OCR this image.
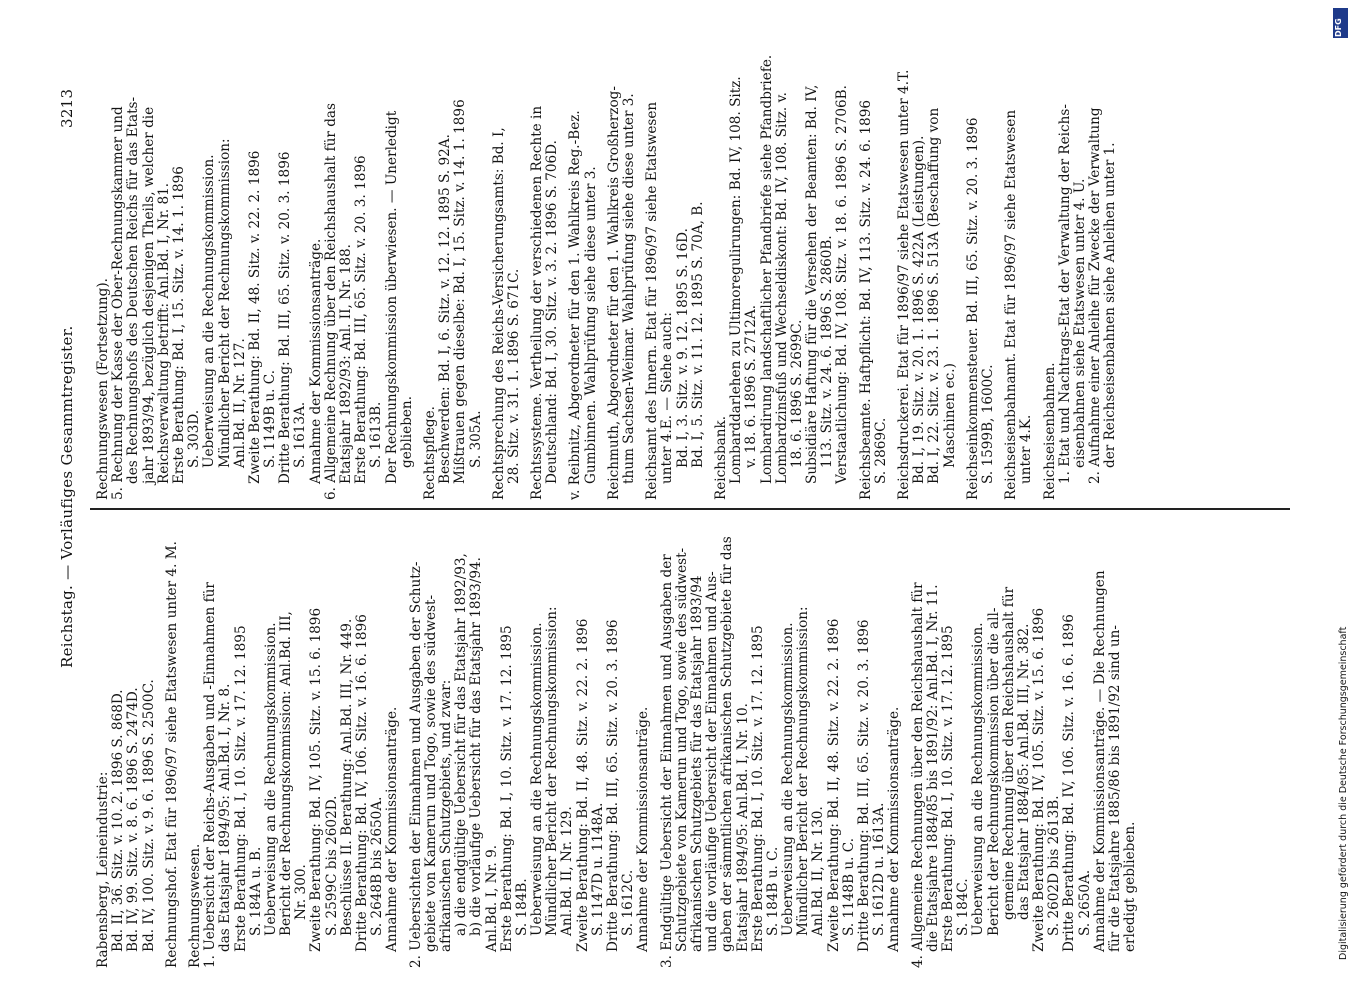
Reichstag. — Vorläufiges Gesammtregister.
3213
Rabensberg, Leineindustrie: Bd. II, 36. Sitz. v. 10. 2. 1896 S. 868D. Bd. IV, 99. Sitz. v. 8. 6. 1896 S. 2474D. Bd. IV, 100. Sitz. v. 9. 6. 1896 S. 2500C. Rechnungshof. Etat für 1896/97 siehe Etatswesen unter 4. M. Rechnungswesen. 1. Uebersicht der Reichs-Ausgaben und -Einnahmen für das Etatsjahr 1894/95: Anl.Bd. I, Nr. 8. Erste Berathung: Bd. I, 10. Sitz. v. 17. 12. 1895 S. 184A u. B. Ueberweisung an die Rechnungskommission. Bericht der Rechnungskommission: Anl.Bd. III, Nr. 300. Zweite Berathung: Bd. IV, 105. Sitz. v. 15. 6. 1896 S. 2599C bis 2602D. Beschlüsse II. Berathung: Anl.Bd. III, Nr. 449. Dritte Berathung: Bd. IV, 106. Sitz. v. 16. 6. 1896 S. 2648B bis 2650A. Annahme der Kommissionsanträge. 2. Uebersichten der Einnahmen und Ausgaben der Schutz- gebiete von Kamerun und Togo, sowie des südwest- afrikanischen Schutzgebiets, und zwar: a) die endgültige Uebersicht für das Etatsjahr 1892/93, b) die vorläufige Uebersicht für das Etatsjahr 1893/94. Anl.Bd. I, Nr. 9. Erste Berathung: Bd. I, 10. Sitz. v. 17. 12. 1895 S. 184B. Ueberweisung an die Rechnungskommission. Mündlicher Bericht der Rechnungskommission: Anl.Bd. II, Nr. 129. Zweite Berathung: Bd. II, 48. Sitz. v. 22. 2. 1896 S. 1147D u. 1148A. Dritte Berathung: Bd. III, 65. Sitz. v. 20. 3. 1896 S. 1612C. Annahme der Kommissionsanträge. 3. Endgültige Uebersicht der Einnahmen und Ausgaben der Schutzgebiete von Kamerun und Togo, sowie des südwest- afrikanischen Schutzgebiets für das Etatsjahr 1893/94 und die vorläufige Uebersicht der Einnahmen und Aus- gaben der sämmtlichen afrikanischen Schutzgebiete für das Etatsjahr 1894/95: Anl.Bd. I, Nr. 10. Erste Berathung: Bd. I, 10. Sitz. v. 17. 12. 1895 S. 184B u. C. Ueberweisung an die Rechnungskommission. Mündlicher Bericht der Rechnungskommission: Anl.Bd. II, Nr. 130. Zweite Berathung: Bd. II, 48. Sitz. v. 22. 2. 1896 S. 1148B u. C. Dritte Berathung: Bd. III, 65. Sitz. v. 20. 3. 1896 S. 1612D u. 1613A. Annahme der Kommissionsanträge. 4. Allgemeine Rechnungen über den Reichshaushalt für die Etatsjahre 1884/85 bis 1891/92: Anl.Bd. I, Nr. 11. Erste Berathung: Bd. I, 10. Sitz. v. 17. 12. 1895 S. 184C. Ueberweisung an die Rechnungskommission. Bericht der Rechnungskommission über die all- gemeine Rechnung über den Reichshaushalt für das Etatsjahr 1884/85: Anl.Bd. III, Nr. 382. Zweite Berathung: Bd. IV, 105. Sitz. v. 15. 6. 1896 S. 2602D bis 2613B. Dritte Berathung: Bd. IV, 106. Sitz. v. 16. 6. 1896 S. 2650A. Annahme der Kommissionsanträge. — Die Rechnungen für die Etatsjahre 1885/86 bis 1891/92 sind un- erledigt geblieben.
Rechnungswesen (Fortsetzung). 5. Rechnung der Kasse der Ober-Rechnungskammer und des Rechnungshofs des Deutschen Reichs für das Etats- jahr 1893/94, bezüglich desjenigen Theils, welcher die Reichsverwaltung betrifft: Anl.Bd. I, Nr. 81. Erste Berathung: Bd. I, 15. Sitz. v. 14. 1. 1896 S. 303D. Ueberweisung an die Rechnungskommission. Mündlicher Bericht der Rechnungskommission: Anl.Bd. II, Nr. 127. Zweite Berathung: Bd. II, 48. Sitz. v. 22. 2. 1896 S. 1149B u. C. Dritte Berathung: Bd. III, 65. Sitz. v. 20. 3. 1896 S. 1613A. Annahme der Kommissionsanträge. 6. Allgemeine Rechnung über den Reichshaushalt für das Etatsjahr 1892/93: Anl. II, Nr. 188. Erste Berathung: Bd. III, 65. Sitz. v. 20. 3. 1896 S. 1613B. Der Rechnungskommission überwiesen. — Unerledigt geblieben. Rechtspflege. Beschwerden: Bd. I, 6. Sitz. v. 12. 12. 1895 S. 92A. Mißtrauen gegen dieselbe: Bd. I, 15. Sitz. v. 14. 1. 1896 S. 305A. Rechtsprechung des Reichs-Versicherungsamts: Bd. I, 28. Sitz. v. 31. 1. 1896 S. 671C. Rechtssysteme. Vertheilung der verschiedenen Rechte in Deutschland: Bd. I, 30. Sitz. v. 3. 2. 1896 S. 706D. v. Reibnitz, Abgeordneter für den 1. Wahlkreis Reg.-Bez. Gumbinnen. Wahlprüfung siehe diese unter 3. Reichmuth, Abgeordneter für den 1. Wahlkreis Großherzog- thum Sachsen-Weimar. Wahlprüfung siehe diese unter 3. Reichsamt des Innern. Etat für 1896/97 siehe Etatswesen unter 4.E. — Siehe auch: Bd. I, 3. Sitz. v. 9. 12. 1895 S. 16D. Bd. I, 5. Sitz. v. 11. 12. 1895 S. 70A, B. Reichsbank. Lombarddarlehen zu Ultimoregulirungen: Bd. IV, 108. Sitz. v. 18. 6. 1896 S. 2712A. Lombardirung landschaftlicher Pfandbriefe siehe Pfandbriefe. Lombardzinsfuß und Wechseldiskont: Bd. IV, 108. Sitz. v. 18. 6. 1896 S. 2699C. Subsidiäre Haftung für die Versehen der Beamten: Bd. IV, 113. Sitz. v. 24. 6. 1896 S. 2860B. Verstaatlichung: Bd. IV, 108. Sitz. v. 18. 6. 1896 S. 2706B. Reichsbeamte. Haftpflicht: Bd. IV, 113. Sitz. v. 24. 6. 1896 S. 2869C. Reichsdruckerei. Etat für 1896/97 siehe Etatswesen unter 4.T. Bd. I, 19. Sitz. v. 20. 1. 1896 S. 422A (Leistungen). Bd. I, 22. Sitz. v. 23. 1. 1896 S. 513A (Beschaffung von Maschinen ec.) Reichseinkommensteuer. Bd. III, 65. Sitz. v. 20. 3. 1896 S. 1599B, 1600C. Reichseisenbahnamt. Etat für 1896/97 siehe Etatswesen unter 4.K. Reichseisenbahnen. 1. Etat und Nachtrags-Etat der Verwaltung der Reichs- eisenbahnen siehe Etatswesen unter 4. U. 2. Aufnahme einer Anleihe für Zwecke der Verwaltung der Reichseisenbahnen siehe Anleihen unter 1.
Digitalisierung gefördert durch die Deutsche Forschungsgemeinschaft
DFG
